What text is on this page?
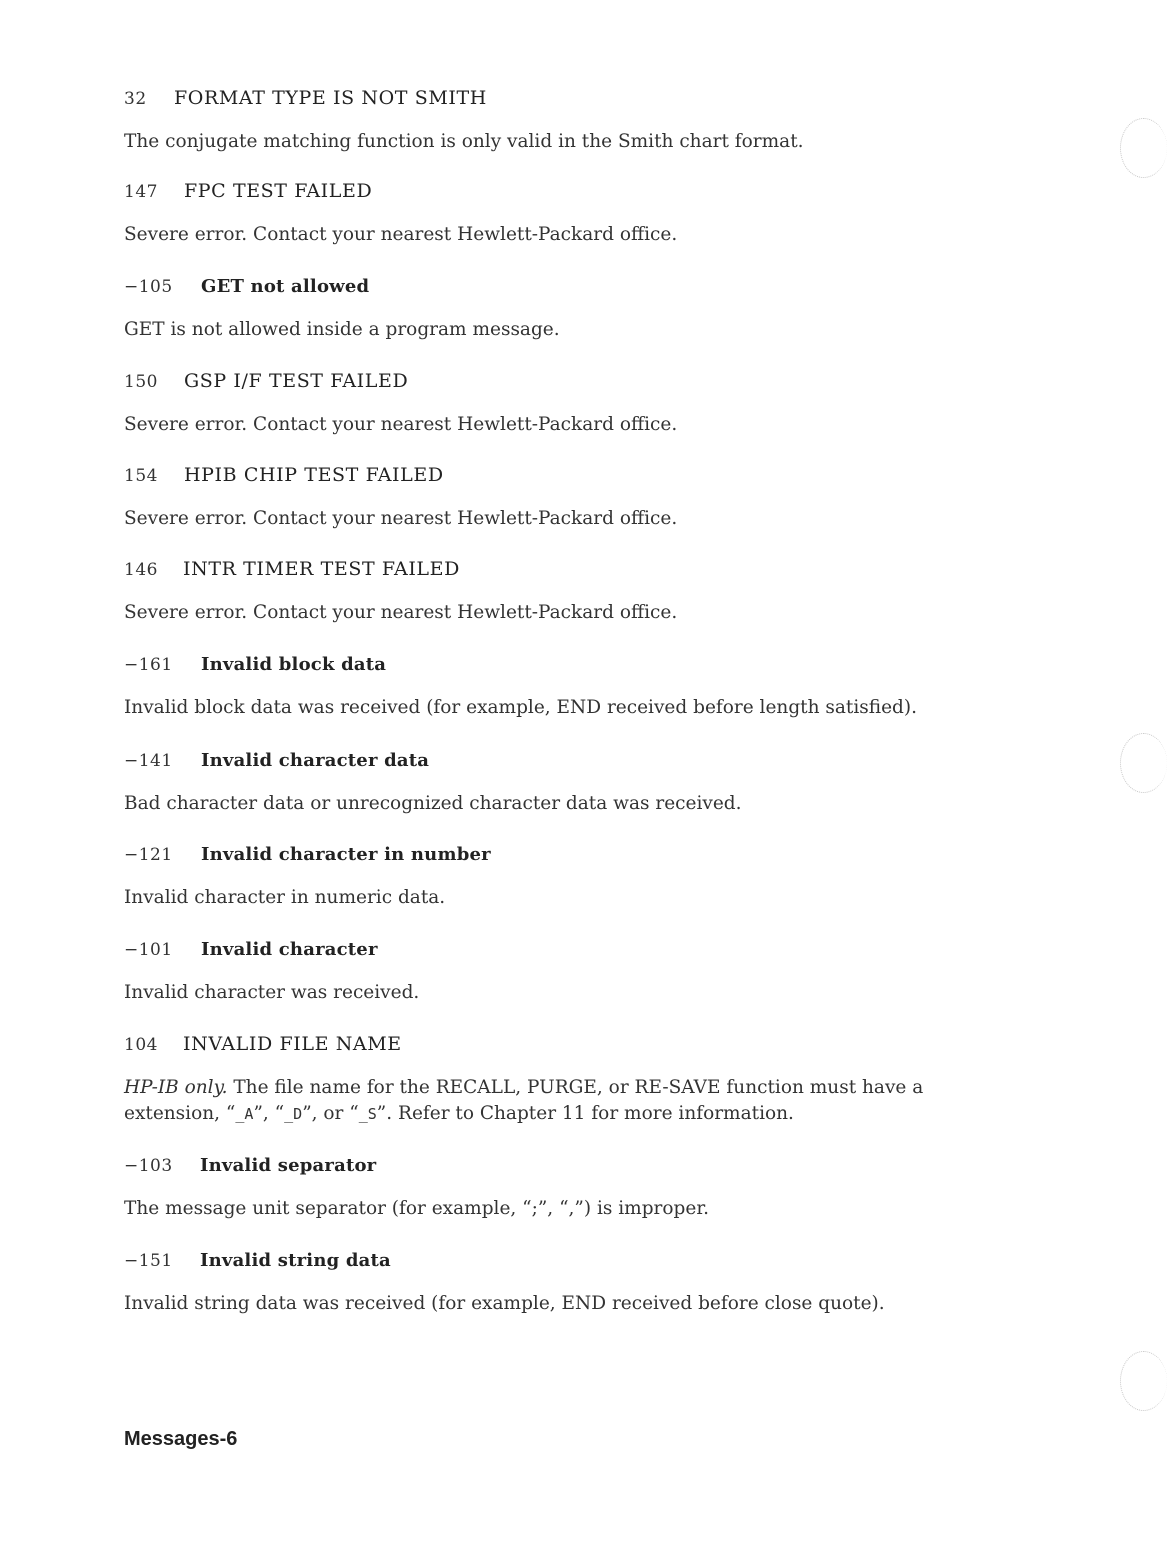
32 FORMAT TYPE IS NOT SMITH

The conjugate matching function is only valid in the Smith chart format.

147 FPC TEST FAILED

Severe error. Contact your nearest Hewlett-Packard office.

−105 GET not allowed

GET is not allowed inside a program message.

150 GSP I/F TEST FAILED

Severe error. Contact your nearest Hewlett-Packard office.

154 HPIB CHIP TEST FAILED

Severe error. Contact your nearest Hewlett-Packard office.

146 INTR TIMER TEST FAILED

Severe error. Contact your nearest Hewlett-Packard office.

−161 Invalid block data

Invalid block data was received (for example, END received before length satisfied).

−141 Invalid character data

Bad character data or unrecognized character data was received.

−121 Invalid character in number

Invalid character in numeric data.

−101 Invalid character

Invalid character was received.

104 INVALID FILE NAME

HP-IB only. The file name for the RECALL, PURGE, or RE-SAVE function must have a
extension, “_A”, “_D”, or “_S”. Refer to Chapter 11 for more information.

−103 Invalid separator

The message unit separator (for example, “;”, “,”) is improper.

−151 Invalid string data

Invalid string data was received (for example, END received before close quote).

Messages-6
